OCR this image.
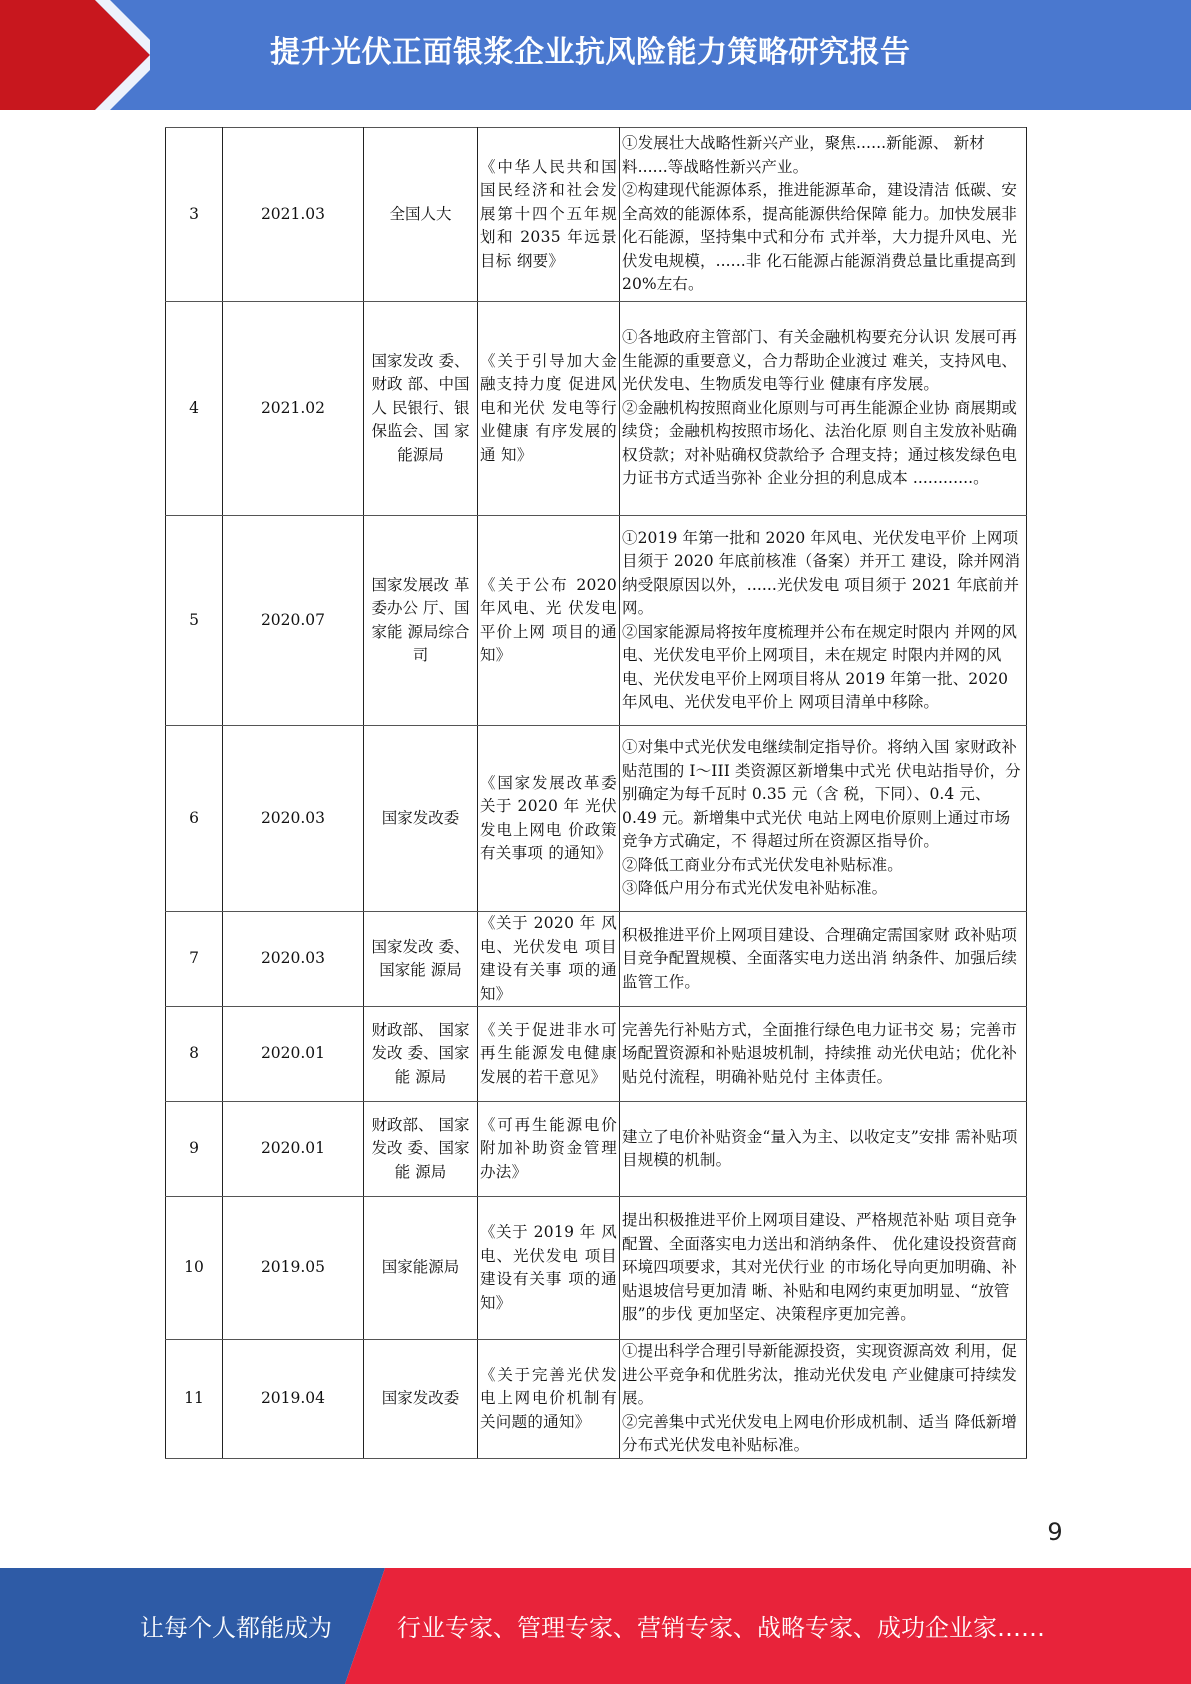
提升光伏正面银浆企业抗风险能力策略研究报告
3	2021.03	全国人大	《中华人民共和国国民经济和社会发展第十四个五年规划和 2035 年远景目标 纲要》	①发展壮大战略性新兴产业，聚焦......新能源、 新材料......等战略性新兴产业。
②构建现代能源体系，推进能源革命，建设清洁 低碳、安全高效的能源体系，提高能源供给保障 能力。加快发展非化石能源，坚持集中式和分布 式并举，大力提升风电、光伏发电规模，......非 化石能源占能源消费总量比重提高到 20%左右。

4	2021.02	国家发改 委、财政 部、中国人 民银行、银 保监会、国 家能源局	《关于引导加大金融支持力度 促进风电和光伏 发电等行业健康 有序发展的通 知》	①各地政府主管部门、有关金融机构要充分认识 发展可再生能源的重要意义，合力帮助企业渡过 难关，支持风电、光伏发电、生物质发电等行业 健康有序发展。
②金融机构按照商业化原则与可再生能源企业协 商展期或续贷；金融机构按照市场化、法治化原 则自主发放补贴确权贷款；对补贴确权贷款给予 合理支持；通过核发绿色电力证书方式适当弥补 企业分担的利息成本 ............。

5	2020.07	国家发展改 革委办公 厅、国家能 源局综合 司	《关于公布 2020 年风电、光 伏发电平价上网 项目的通知》	①2019 年第一批和 2020 年风电、光伏发电平价 上网项目须于 2020 年底前核准（备案）并开工 建设，除并网消纳受限原因以外，......光伏发电 项目须于 2021 年底前并网。
②国家能源局将按年度梳理并公布在规定时限内 并网的风电、光伏发电平价上网项目，未在规定 时限内并网的风电、光伏发电平价上网项目将从 2019 年第一批、2020 年风电、光伏发电平价上 网项目清单中移除。

6	2020.03	国家发改委	《国家发展改革委关于 2020 年 光伏发电上网电 价政策有关事项 的通知》	①对集中式光伏发电继续制定指导价。将纳入国 家财政补贴范围的 I～III 类资源区新增集中式光 伏电站指导价，分别确定为每千瓦时 0.35 元（含 税，下同）、0.4 元、0.49 元。新增集中式光伏 电站上网电价原则上通过市场竞争方式确定，不 得超过所在资源区指导价。
②降低工商业分布式光伏发电补贴标准。
③降低户用分布式光伏发电补贴标准。

7	2020.03	国家发改 委、国家能 源局	《关于 2020 年 风电、光伏发电 项目建设有关事 项的通知》	积极推进平价上网项目建设、合理确定需国家财 政补贴项目竞争配置规模、全面落实电力送出消 纳条件、加强后续监管工作。

8	2020.01	财政部、 国家发改 委、国家能 源局	《关于促进非水可再生能源发电健康发展的若干意见》	完善先行补贴方式，全面推行绿色电力证书交 易；完善市场配置资源和补贴退坡机制，持续推 动光伏电站；优化补贴兑付流程，明确补贴兑付 主体责任。

9	2020.01	财政部、 国家发改 委、国家能 源局	《可再生能源电价附加补助资金管理办法》	建立了电价补贴资金“量入为主、以收定支”安排 需补贴项目规模的机制。

10	2019.05	国家能源局	《关于 2019 年 风电、光伏发电 项目建设有关事 项的通知》	提出积极推进平价上网项目建设、严格规范补贴 项目竞争配置、全面落实电力送出和消纳条件、 优化建设投资营商环境四项要求，其对光伏行业 的市场化导向更加明确、补贴退坡信号更加清 晰、补贴和电网约束更加明显、“放管服”的步伐 更加坚定、决策程序更加完善。

11	2019.04	国家发改委	《关于完善光伏发电上网电价机制有关问题的通知》	①提出科学合理引导新能源投资，实现资源高效 利用，促进公平竞争和优胜劣汰，推动光伏发电 产业健康可持续发展。
②完善集中式光伏发电上网电价形成机制、适当 降低新增分布式光伏发电补贴标准。
9
让每个人都能成为	行业专家、管理专家、营销专家、战略专家、成功企业家……
